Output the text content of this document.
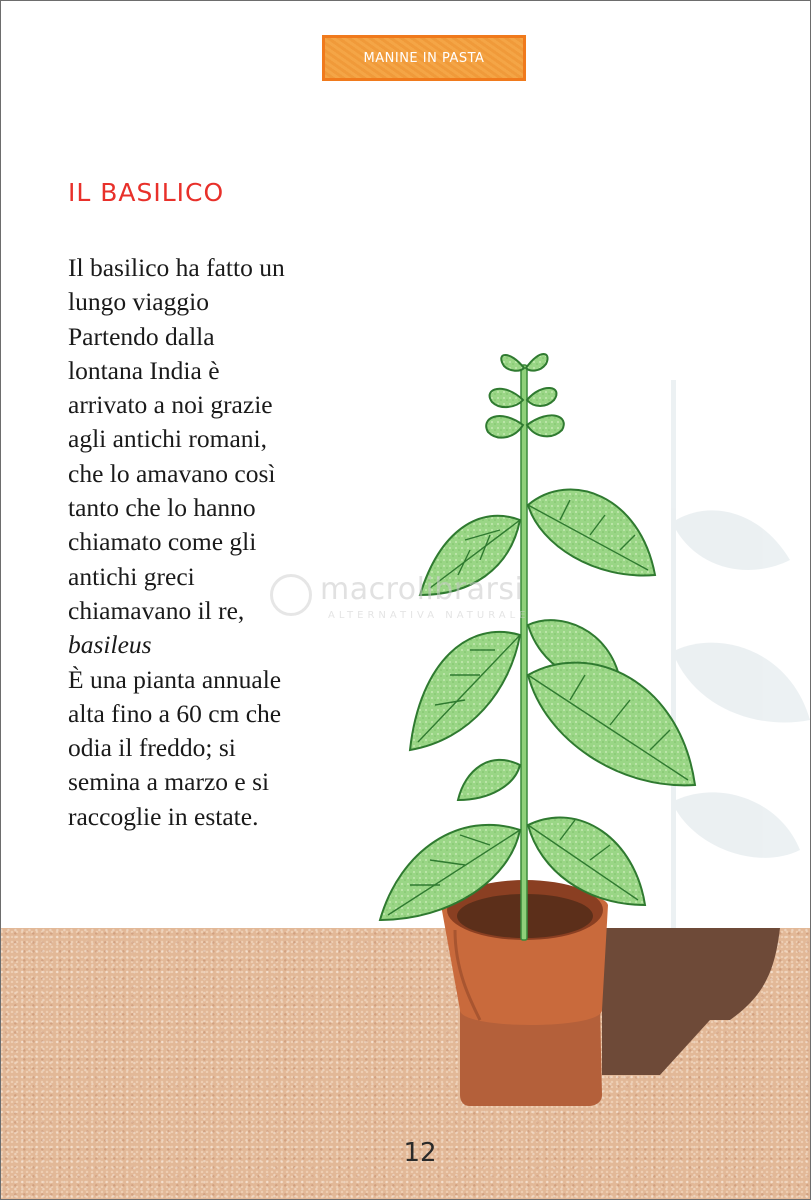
MANINE IN PASTA
IL BASILICO
Il basilico ha fatto un
lungo viaggio
Partendo dalla
lontana India è
arrivato a noi grazie
agli antichi romani,
che lo amavano così
tanto che lo hanno
chiamato come gli
antichi greci
chiamavano il re,
basileus
È una pianta annuale
alta fino a 60 cm che
odia il freddo; si
semina a marzo e si
raccoglie in estate.
macrolibrarsi
ALTERNATIVA NATURALE
12
